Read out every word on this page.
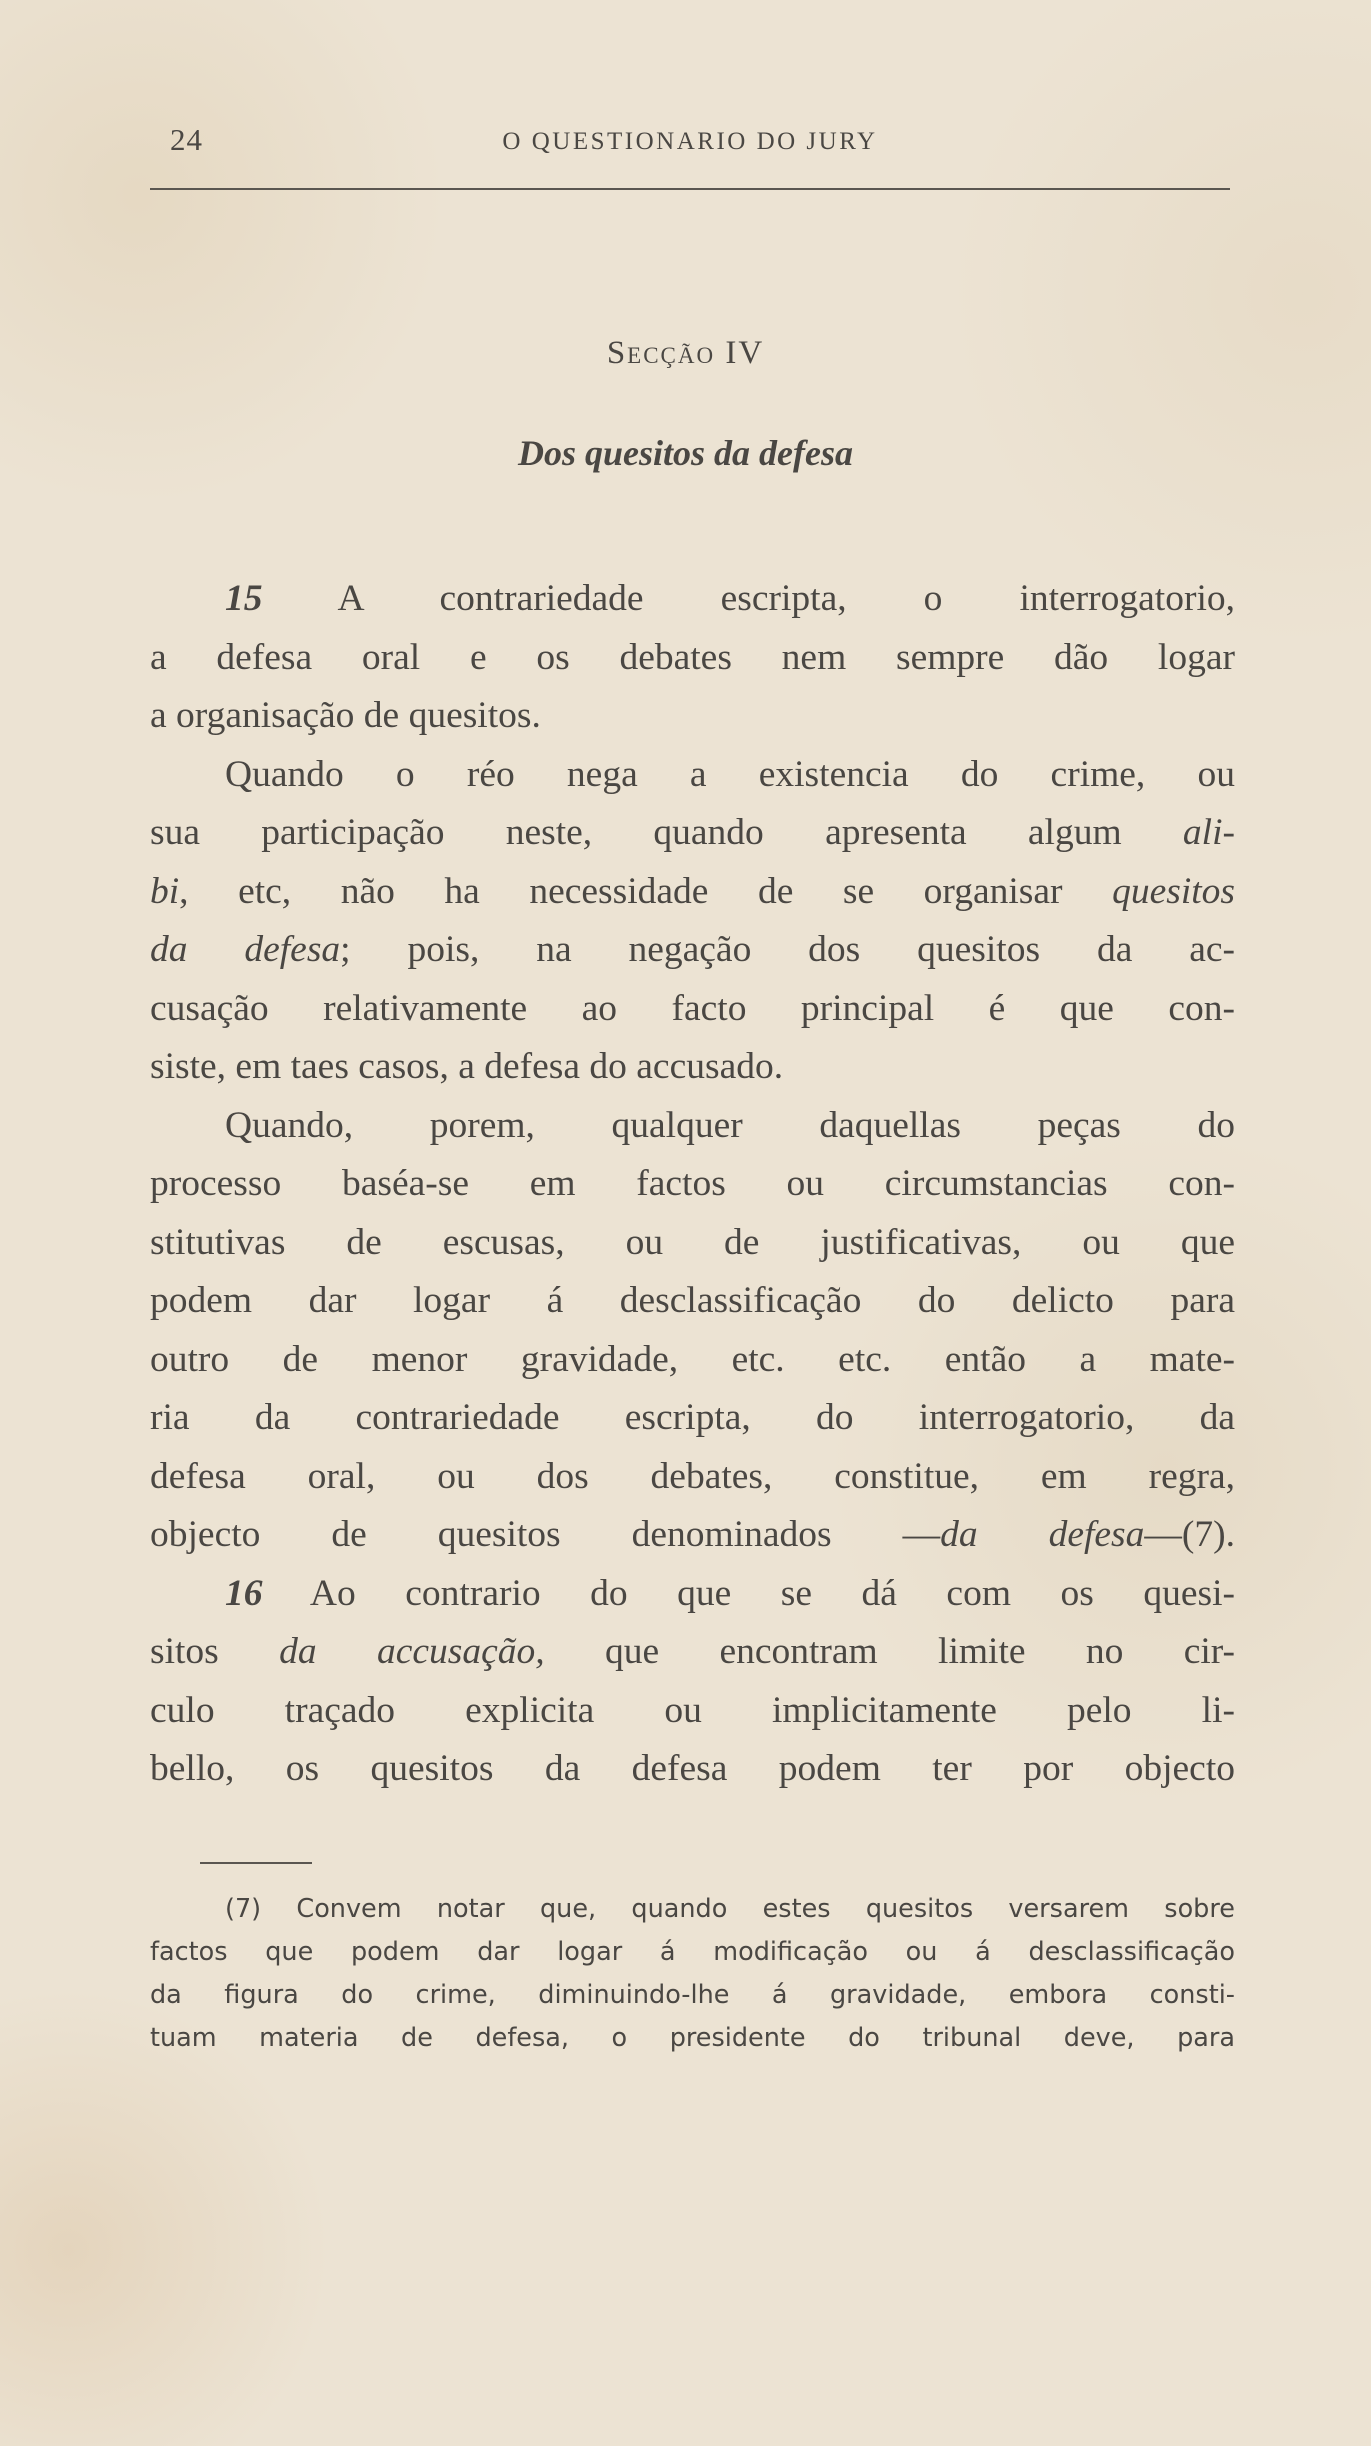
24	O QUESTIONARIO DO JURY
Secção IV
Dos quesitos da defesa
15 A contrariedade escripta, o interrogatorio,
a defesa oral e os debates nem sempre dão logar
a organisação de quesitos.
Quando o réo nega a existencia do crime, ou
sua participação neste, quando apresenta algum ali-
bi, etc, não ha necessidade de se organisar quesitos
da defesa; pois, na negação dos quesitos da ac-
cusação relativamente ao facto principal é que con-
siste, em taes casos, a defesa do accusado.
Quando, porem, qualquer daquellas peças do
processo baséa-se em factos ou circumstancias con-
stitutivas de escusas, ou de justificativas, ou que
podem dar logar á desclassificação do delicto para
outro de menor gravidade, etc. etc. então a mate-
ria da contrariedade escripta, do interrogatorio, da
defesa oral, ou dos debates, constitue, em regra,
objecto de quesitos denominados —da defesa—(7).
16 Ao contrario do que se dá com os quesi-
sitos da accusação, que encontram limite no cir-
culo traçado explicita ou implicitamente pelo li-
bello, os quesitos da defesa podem ter por objecto
(7) Convem notar que, quando estes quesitos versarem sobre
factos que podem dar logar á modificação ou á desclassificação
da figura do crime, diminuindo-lhe á gravidade, embora consti-
tuam materia de defesa, o presidente do tribunal deve, para
